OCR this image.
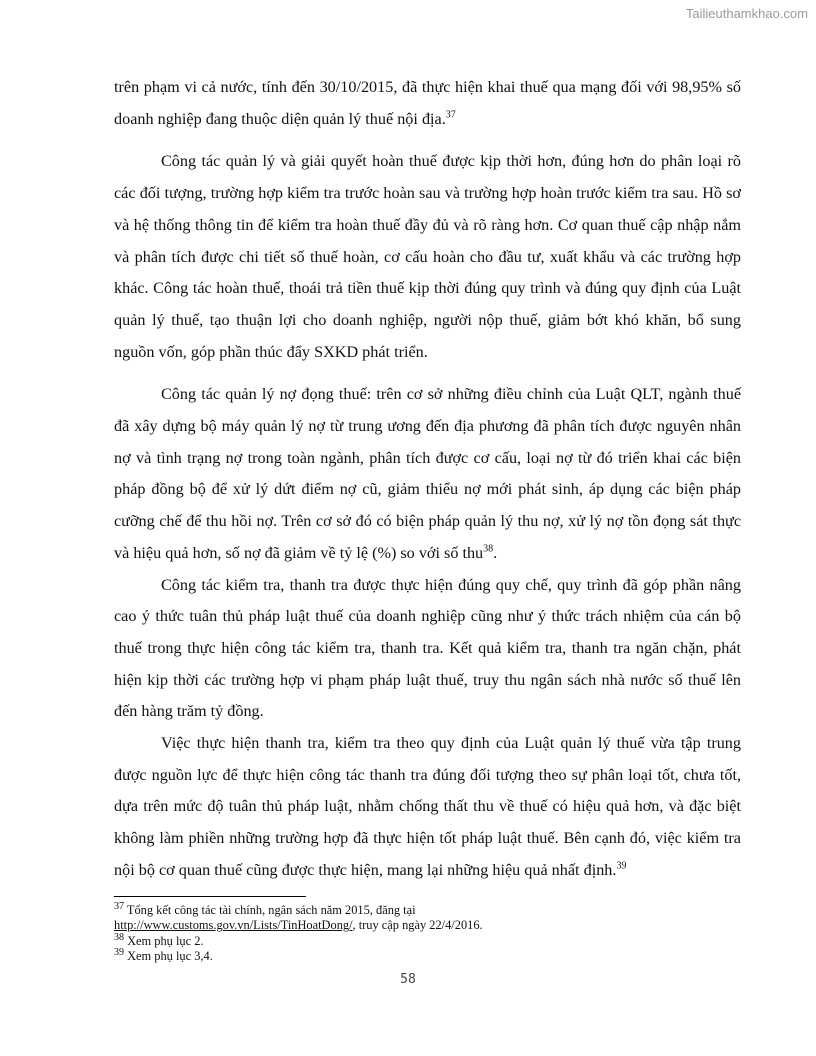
Tailieuthamkhao.com

trên phạm vi cả nước, tính đến 30/10/2015, đã thực hiện khai thuế qua mạng đối với 98,95% số doanh nghiệp đang thuộc diện quản lý thuế nội địa.$^{37}$

Công tác quản lý và giải quyết hoàn thuế được kịp thời hơn, đúng hơn do phân loại rõ các đối tượng, trường hợp kiểm tra trước hoàn sau và trường hợp hoàn trước kiểm tra sau. Hồ sơ và hệ thống thông tin để kiểm tra hoàn thuế đầy đủ và rõ ràng hơn. Cơ quan thuế cập nhập nắm và phân tích được chi tiết số thuế hoàn, cơ cấu hoàn cho đầu tư, xuất khẩu và các trường hợp khác. Công tác hoàn thuế, thoái trả tiền thuế kịp thời đúng quy trình và đúng quy định của Luật quản lý thuế, tạo thuận lợi cho doanh nghiệp, người nộp thuế, giảm bớt khó khăn, bổ sung nguồn vốn, góp phần thúc đẩy SXKD phát triển.

Công tác quản lý nợ đọng thuế: trên cơ sở những điều chỉnh của Luật QLT, ngành thuế đã xây dựng bộ máy quản lý nợ từ trung ương đến địa phương đã phân tích được nguyên nhân nợ và tình trạng nợ trong toàn ngành, phân tích được cơ cấu, loại nợ từ đó triển khai các biện pháp đồng bộ để xử lý dứt điểm nợ cũ, giảm thiểu nợ mới phát sinh, áp dụng các biện pháp cưỡng chế để thu hồi nợ. Trên cơ sở đó có biện pháp quản lý thu nợ, xử lý nợ tồn đọng sát thực và hiệu quả hơn, số nợ đã giảm về tỷ lệ (%) so với số thu$^{38}$.

Công tác kiểm tra, thanh tra được thực hiện đúng quy chế, quy trình đã góp phần nâng cao ý thức tuân thủ pháp luật thuế của doanh nghiệp cũng như ý thức trách nhiệm của cán bộ thuế trong thực hiện công tác kiểm tra, thanh tra. Kết quả kiểm tra, thanh tra ngăn chặn, phát hiện kịp thời các trường hợp vi phạm pháp luật thuế, truy thu ngân sách nhà nước số thuế lên đến hàng trăm tỷ đồng.

Việc thực hiện thanh tra, kiểm tra theo quy định của Luật quản lý thuế vừa tập trung được nguồn lực để thực hiện công tác thanh tra đúng đối tượng theo sự phân loại tốt, chưa tốt, dựa trên mức độ tuân thủ pháp luật, nhằm chống thất thu về thuế có hiệu quả hơn, và đặc biệt không làm phiền những trường hợp đã thực hiện tốt pháp luật thuế. Bên cạnh đó, việc kiểm tra nội bộ cơ quan thuế cũng được thực hiện, mang lại những hiệu quả nhất định.$^{39}$

$^{37}$ Tổng kết công tác tài chính, ngân sách năm 2015, đăng tại

http://www.customs.gov.vn/Lists/TinHoatDong/, truy cập ngày 22/4/2016.

$^{38}$ Xem phụ lục 2.

$^{39}$ Xem phụ lục 3,4.

58
